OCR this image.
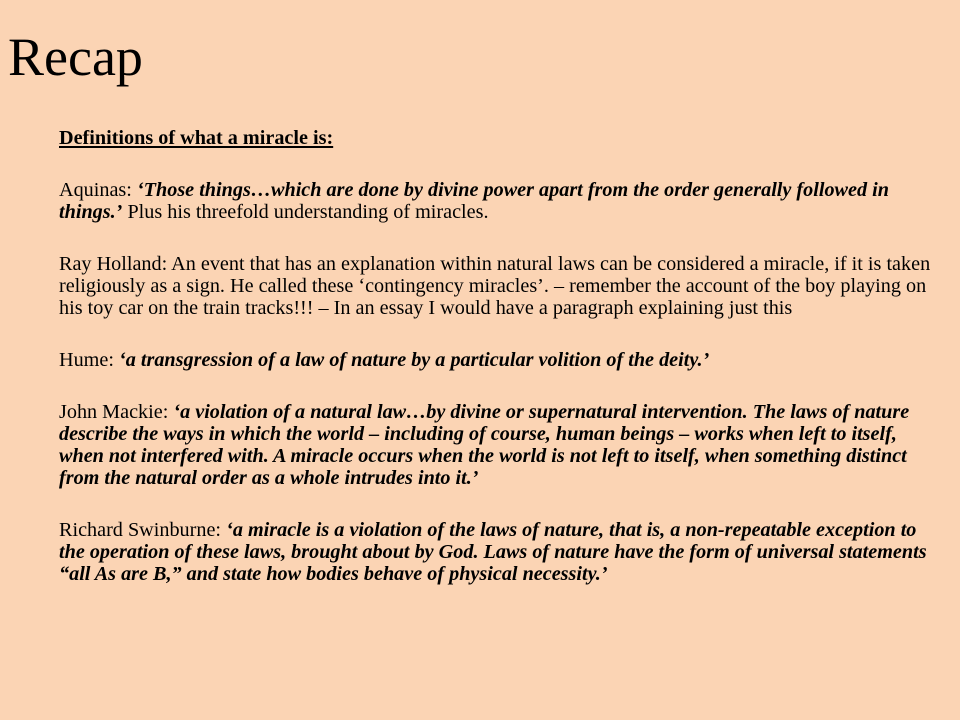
Recap

Definitions of what a miracle is:

Aquinas: ‘Those things…which are done by divine power apart from the order generally followed in things.’ Plus his threefold understanding of miracles.

Ray Holland: An event that has an explanation within natural laws can be considered a miracle, if it is taken religiously as a sign. He called these ‘contingency miracles’. – remember the account of the boy playing on his toy car on the train tracks!!! – In an essay I would have a paragraph explaining just this

Hume: ‘a transgression of a law of nature by a particular volition of the deity.’

John Mackie: ‘a violation of a natural law…by divine or supernatural intervention. The laws of nature describe the ways in which the world – including of course, human beings – works when left to itself, when not interfered with. A miracle occurs when the world is not left to itself, when something distinct from the natural order as a whole intrudes into it.’

Richard Swinburne: ‘a miracle is a violation of the laws of nature, that is, a non-repeatable exception to the operation of these laws, brought about by God. Laws of nature have the form of universal statements “all As are B,” and state how bodies behave of physical necessity.’
